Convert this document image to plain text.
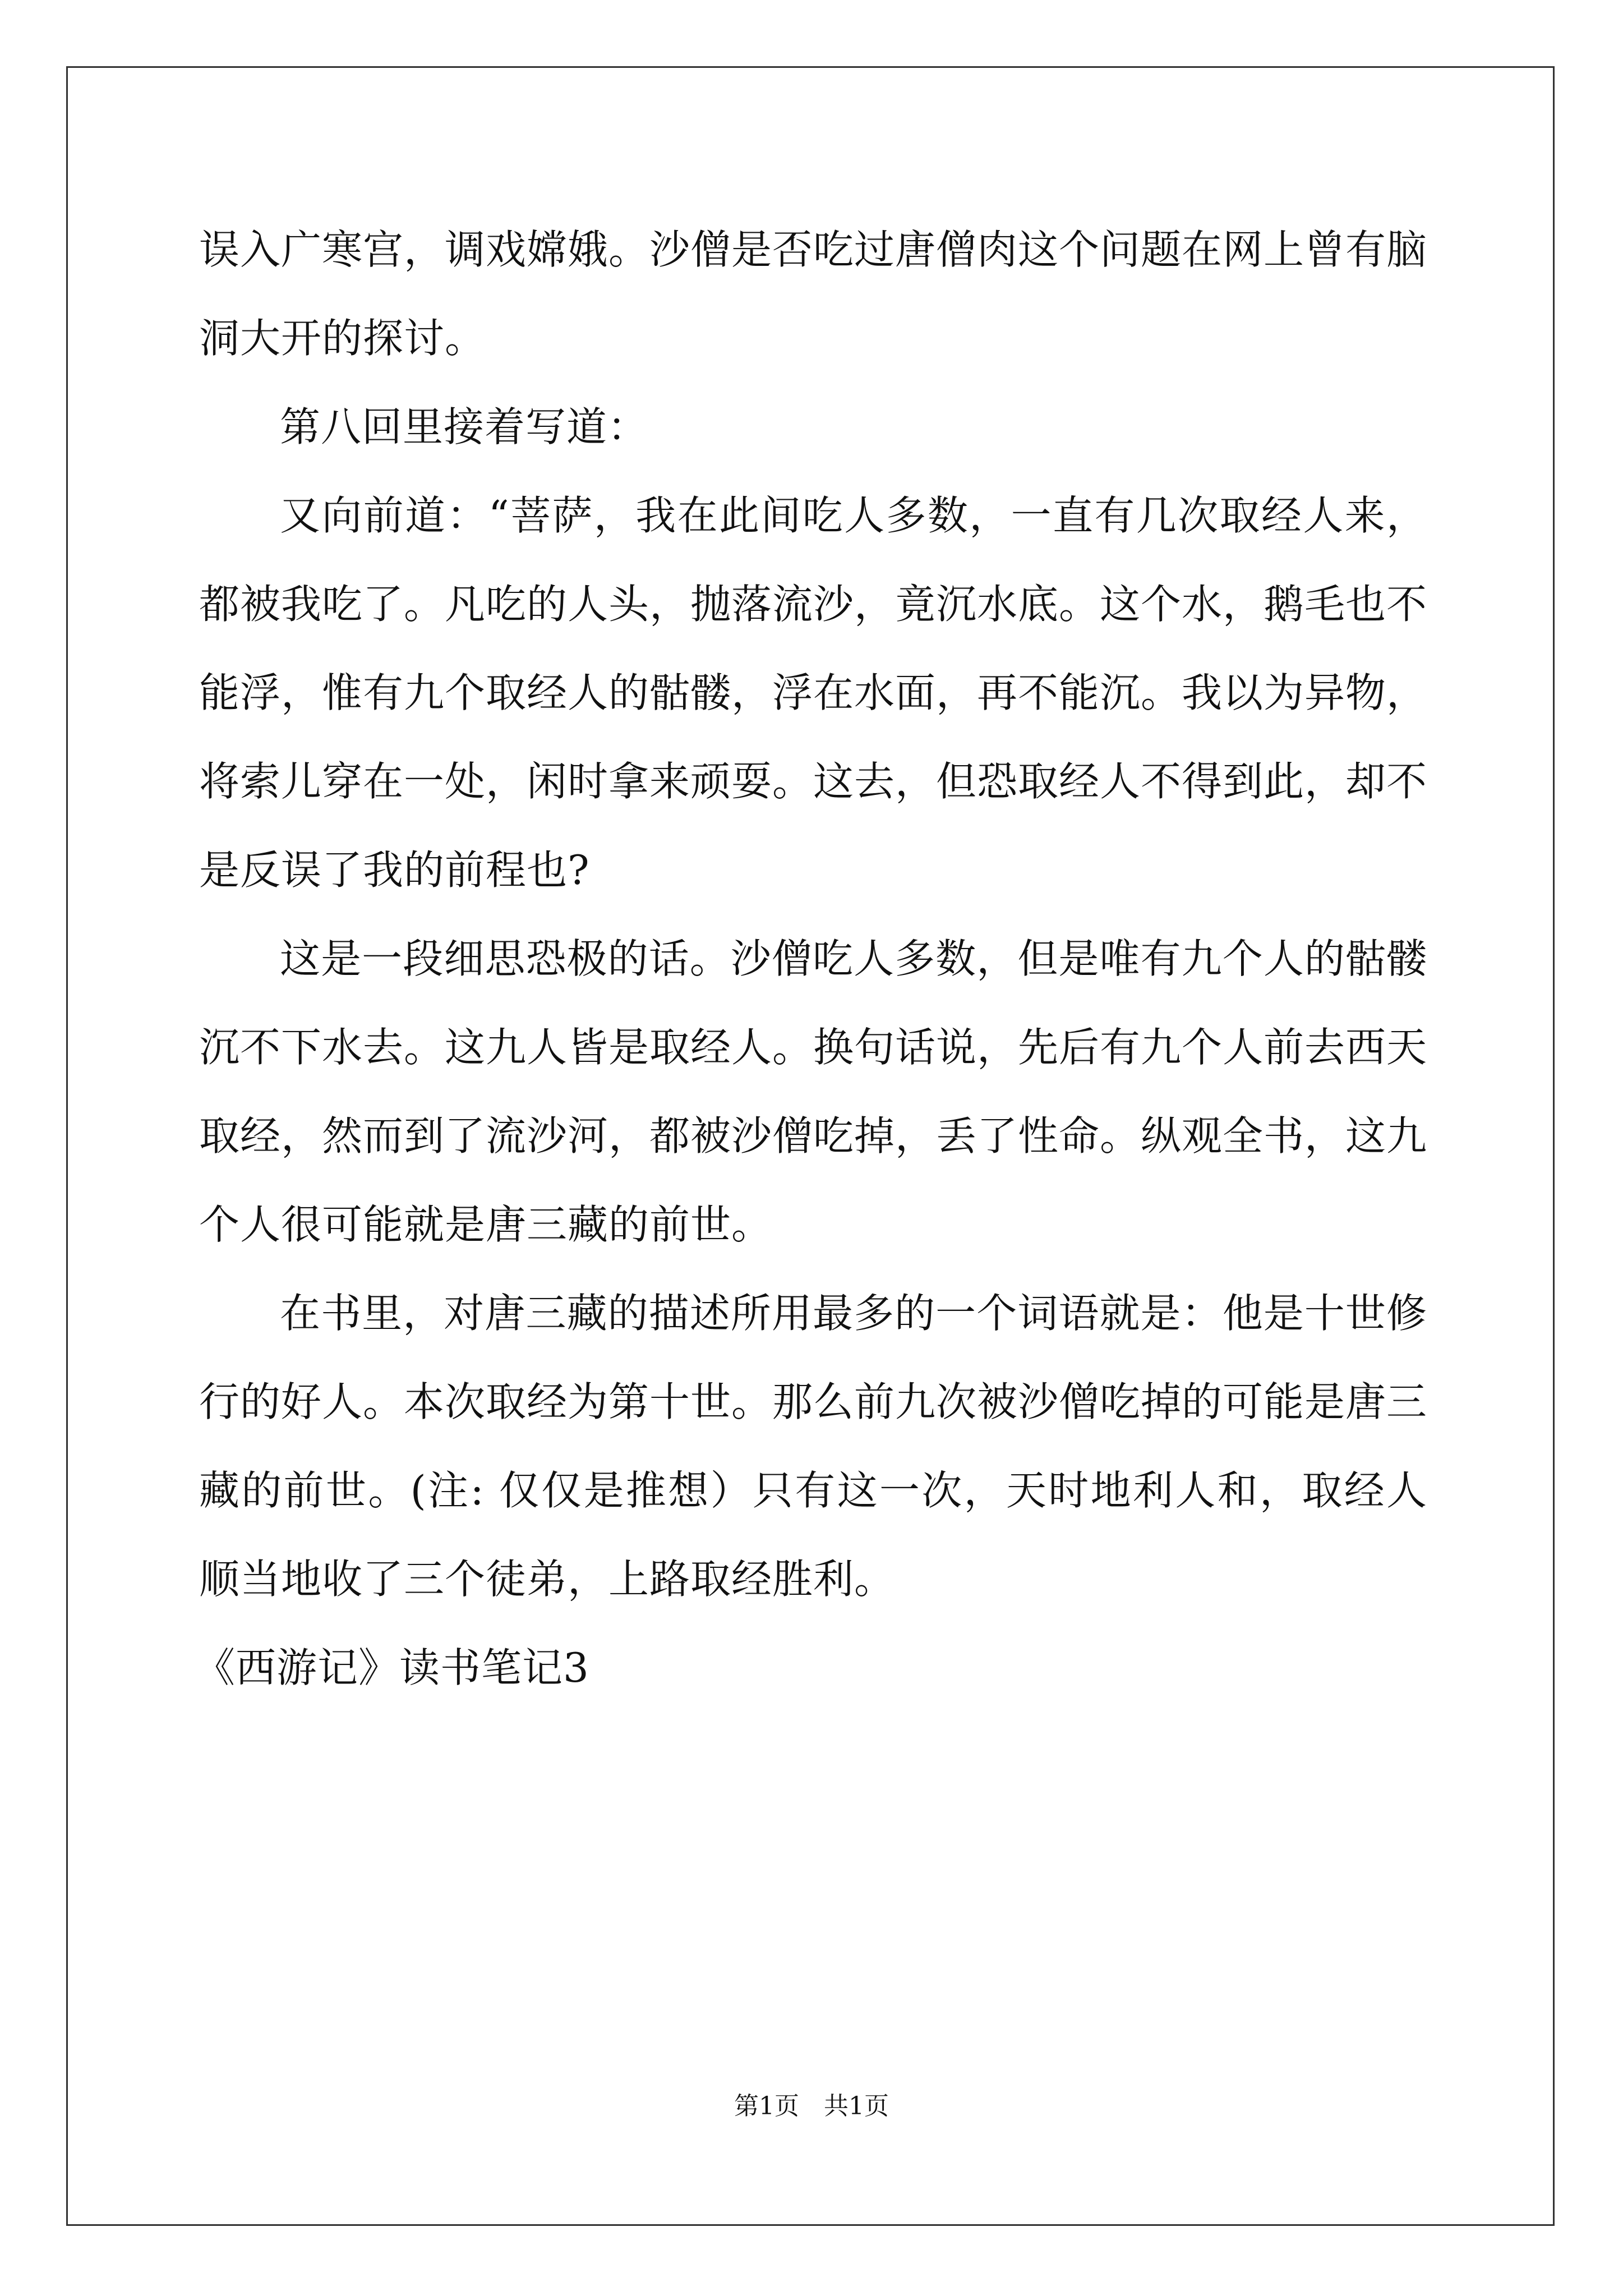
误入广寒宫，调戏嫦娥。沙僧是否吃过唐僧肉这个问题在网上曾有脑洞大开的探讨。

第八回里接着写道：

又向前道：“菩萨，我在此间吃人多数，一直有几次取经人来，都被我吃了。凡吃的人头，抛落流沙，竟沉水底。这个水，鹅毛也不能浮，惟有九个取经人的骷髅，浮在水面，再不能沉。我以为异物，将索儿穿在一处，闲时拿来顽耍。这去，但恐取经人不得到此，却不是反误了我的前程也?

这是一段细思恐极的话。沙僧吃人多数，但是唯有九个人的骷髅沉不下水去。这九人皆是取经人。换句话说，先后有九个人前去西天取经，然而到了流沙河，都被沙僧吃掉，丢了性命。纵观全书，这九个人很可能就是唐三藏的前世。

在书里，对唐三藏的描述所用最多的一个词语就是：他是十世修行的好人。本次取经为第十世。那么前九次被沙僧吃掉的可能是唐三藏的前世。(注: 仅仅是推想）只有这一次，天时地利人和，取经人顺当地收了三个徒弟，上路取经胜利。

《西游记》读书笔记3

第1页　共1页
